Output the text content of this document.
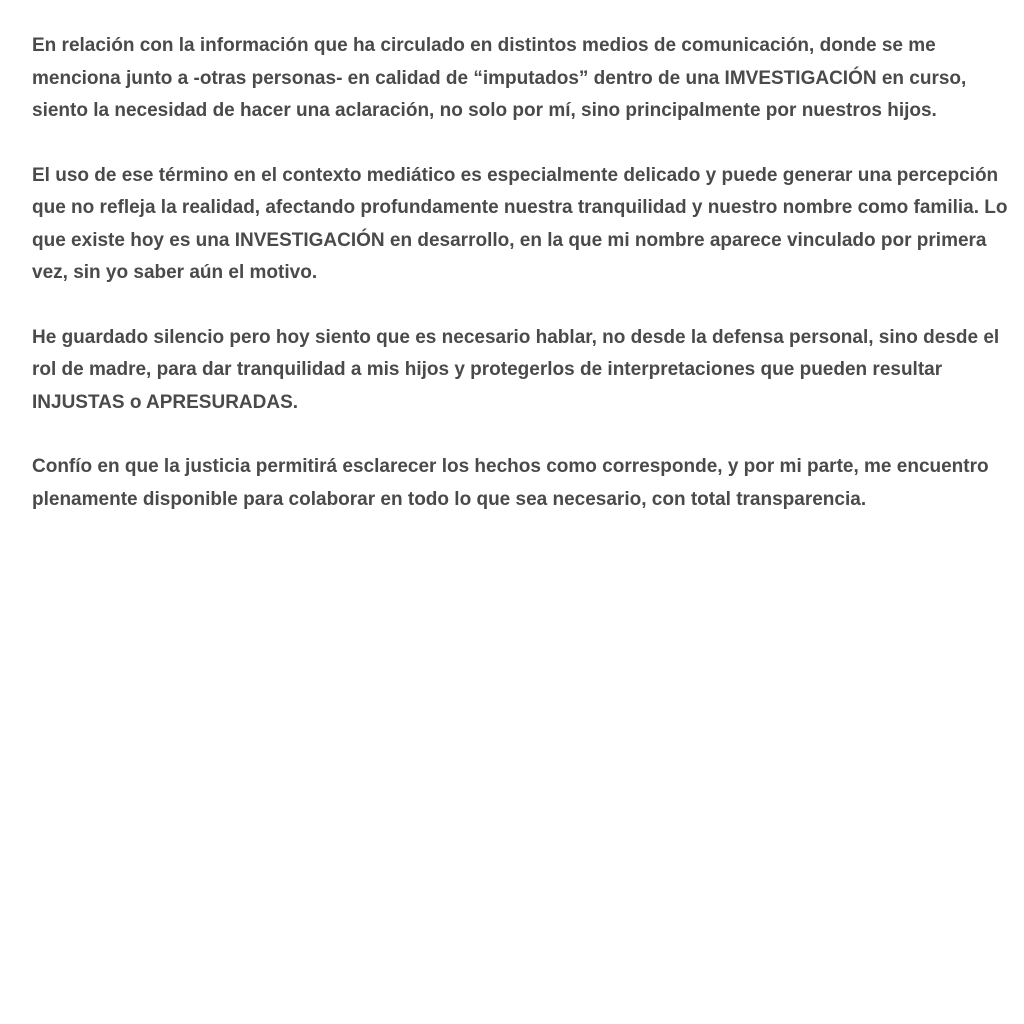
En relación con la información que ha circulado en distintos medios de comunicación, donde se me menciona junto a -otras personas- en calidad de “imputados” dentro de una IMVESTIGACIÓN en curso, siento la necesidad de hacer una aclaración, no solo por mí, sino principalmente por nuestros hijos.

El uso de ese término en el contexto mediático es especialmente delicado y puede generar una percepción que no refleja la realidad, afectando profundamente nuestra tranquilidad y nuestro nombre como familia. Lo que existe hoy es una INVESTIGACIÓN en desarrollo, en la que mi nombre aparece vinculado por primera vez, sin yo saber aún el motivo.

He guardado silencio pero hoy siento que es necesario hablar, no desde la defensa personal, sino desde el rol de madre, para dar tranquilidad a mis hijos y protegerlos de interpretaciones que pueden resultar INJUSTAS o APRESURADAS.

Confío en que la justicia permitirá esclarecer los hechos como corresponde, y por mi parte, me encuentro plenamente disponible para colaborar en todo lo que sea necesario, con total transparencia.
